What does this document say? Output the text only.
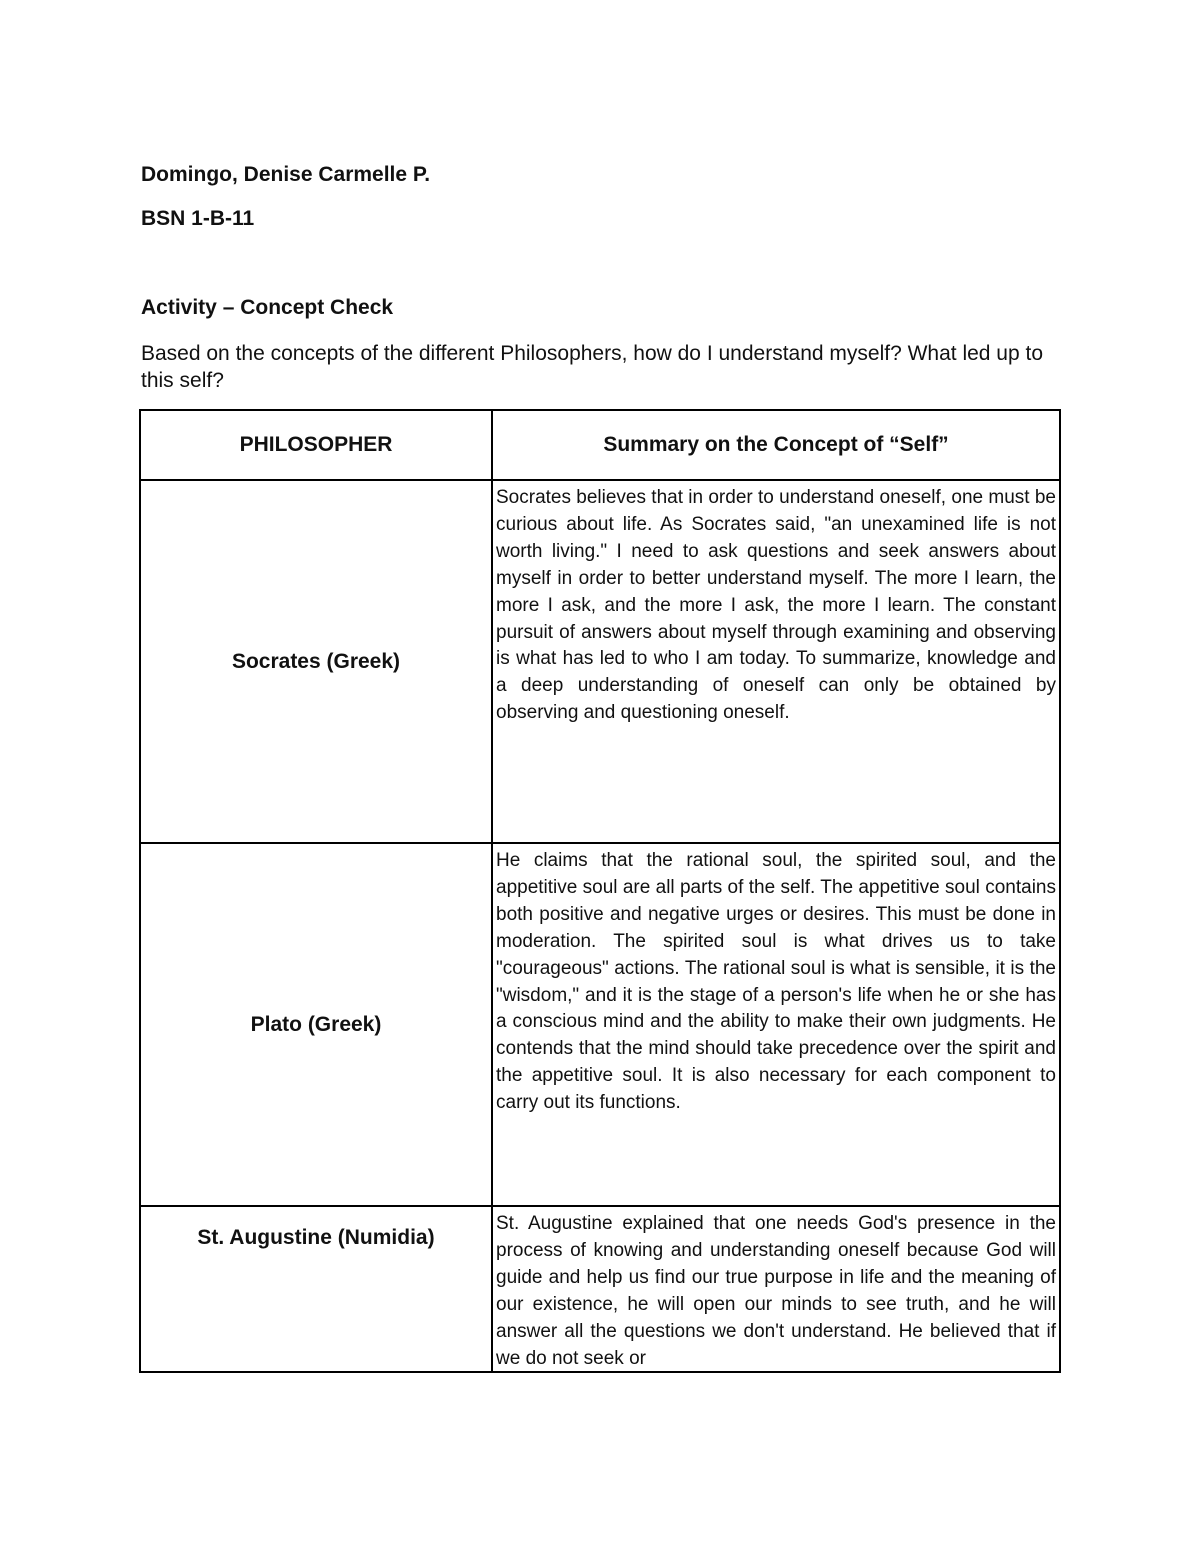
Domingo, Denise Carmelle P.

BSN 1-B-11

Activity – Concept Check

Based on the concepts of the different Philosophers, how do I understand myself? What led up to this self?

PHILOSOPHER	Summary on the Concept of “Self”
Socrates (Greek)	Socrates believes that in order to understand oneself, one must be curious about life. As Socrates said, "an unexamined life is not worth living." I need to ask questions and seek answers about myself in order to better understand myself. The more I learn, the more I ask, and the more I ask, the more I learn. The constant pursuit of answers about myself through examining and observing is what has led to who I am today. To summarize, knowledge and a deep understanding of oneself can only be obtained by observing and questioning oneself.

Plato (Greek)	He claims that the rational soul, the spirited soul, and the appetitive soul are all parts of the self. The appetitive soul contains both positive and negative urges or desires. This must be done in moderation. The spirited soul is what drives us to take "courageous" actions. The rational soul is what is sensible, it is the "wisdom," and it is the stage of a person's life when he or she has a conscious mind and the ability to make their own judgments. He contends that the mind should take precedence over the spirit and the appetitive soul. It is also necessary for each component to carry out its functions.

St. Augustine (Numidia)	St. Augustine explained that one needs God's presence in the process of knowing and understanding oneself because God will guide and help us find our true purpose in life and the meaning of our existence, he will open our minds to see truth, and he will answer all the questions we don't understand. He believed that if we do not seek or
